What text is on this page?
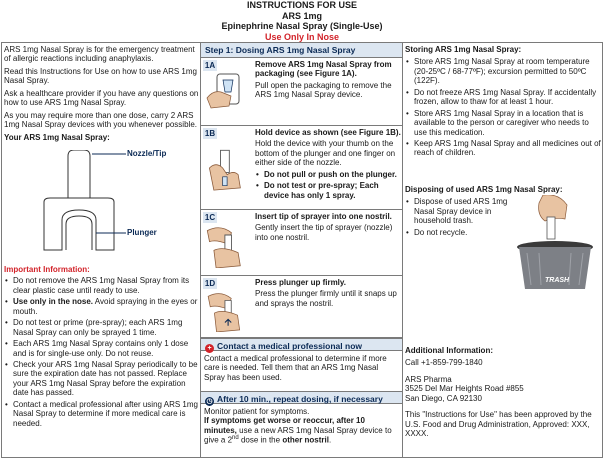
INSTRUCTIONS FOR USE
ARS 1mg
Epinephrine Nasal Spray (Single-Use)
Use Only In Nose

ARS 1mg Nasal Spray is for the emergency treatment of allergic reactions including anaphylaxis.

Read this Instructions for Use on how to use ARS 1mg Nasal Spray.

Ask a healthcare provider if you have any questions on how to use ARS 1mg Nasal Spray.

As you may require more than one dose, carry 2 ARS 1mg Nasal Spray devices with you whenever possible.

Your ARS 1mg Nasal Spray:

Nozzle/Tip
Plunger

Important Information:

• Do not remove the ARS 1mg Nasal Spray from its clear plastic case until ready to use.
• Use only in the nose. Avoid spraying in the eyes or mouth.
• Do not test or prime (pre-spray); each ARS 1mg Nasal Spray can only be sprayed 1 time.
• Each ARS 1mg Nasal Spray contains only 1 dose and is for single-use only. Do not reuse.
• Check your ARS 1mg Nasal Spray periodically to be sure the expiration date has not passed. Replace your ARS 1mg Nasal Spray before the expiration date has passed.
• Contact a medical professional after using ARS 1mg Nasal Spray to determine if more medical care is needed.
Step 1: Dosing ARS 1mg Nasal Spray
1A	Remove ARS 1mg Nasal Spray from packaging (see Figure 1A).
Pull open the packaging to remove the ARS 1mg Nasal Spray device.
1B	Hold device as shown (see Figure 1B).
Hold the device with your thumb on the bottom of the plunger and one finger on either side of the nozzle.
• Do not pull or push on the plunger.
• Do not test or pre-spray; Each device has only 1 spray.
1C	Insert tip of sprayer into one nostril.
Gently insert the tip of sprayer (nozzle) into one nostril.
1D	Press plunger up firmly.
Press the plunger firmly until it snaps up and sprays the nostril.
+ Contact a medical professional now
Contact a medical professional to determine if more care is needed. Tell them that an ARS 1mg Nasal Spray has been used.
◷ After 10 min., repeat dosing, if necessary
Monitor patient for symptoms.
If symptoms get worse or reoccur, after 10 minutes, use a new ARS 1mg Nasal Spray device to give a 2nd dose in the other nostril.

Storing ARS 1mg Nasal Spray:

• Store ARS 1mg Nasal Spray at room temperature (20-25ºC / 68-77ºF); excursion permitted to 50ºC (122F).
• Do not freeze ARS 1mg Nasal Spray. If accidentally frozen, allow to thaw for at least 1 hour.
• Store ARS 1mg Nasal Spray in a location that is available to the person or caregiver who needs to use this medication.
• Keep ARS 1mg Nasal Spray and all medicines out of reach of children.

Disposing of used ARS 1mg Nasal Spray:

• Dispose of used ARS 1mg Nasal Spray device in household trash.
• Do not recycle.
TRASH

Additional Information:

Call +1-859-799-1840

ARS Pharma

3525 Del Mar Heights Road #855

San Diego, CA 92130

This "Instructions for Use" has been approved by the U.S. Food and Drug Administration, Approved: XXX, XXXX.
